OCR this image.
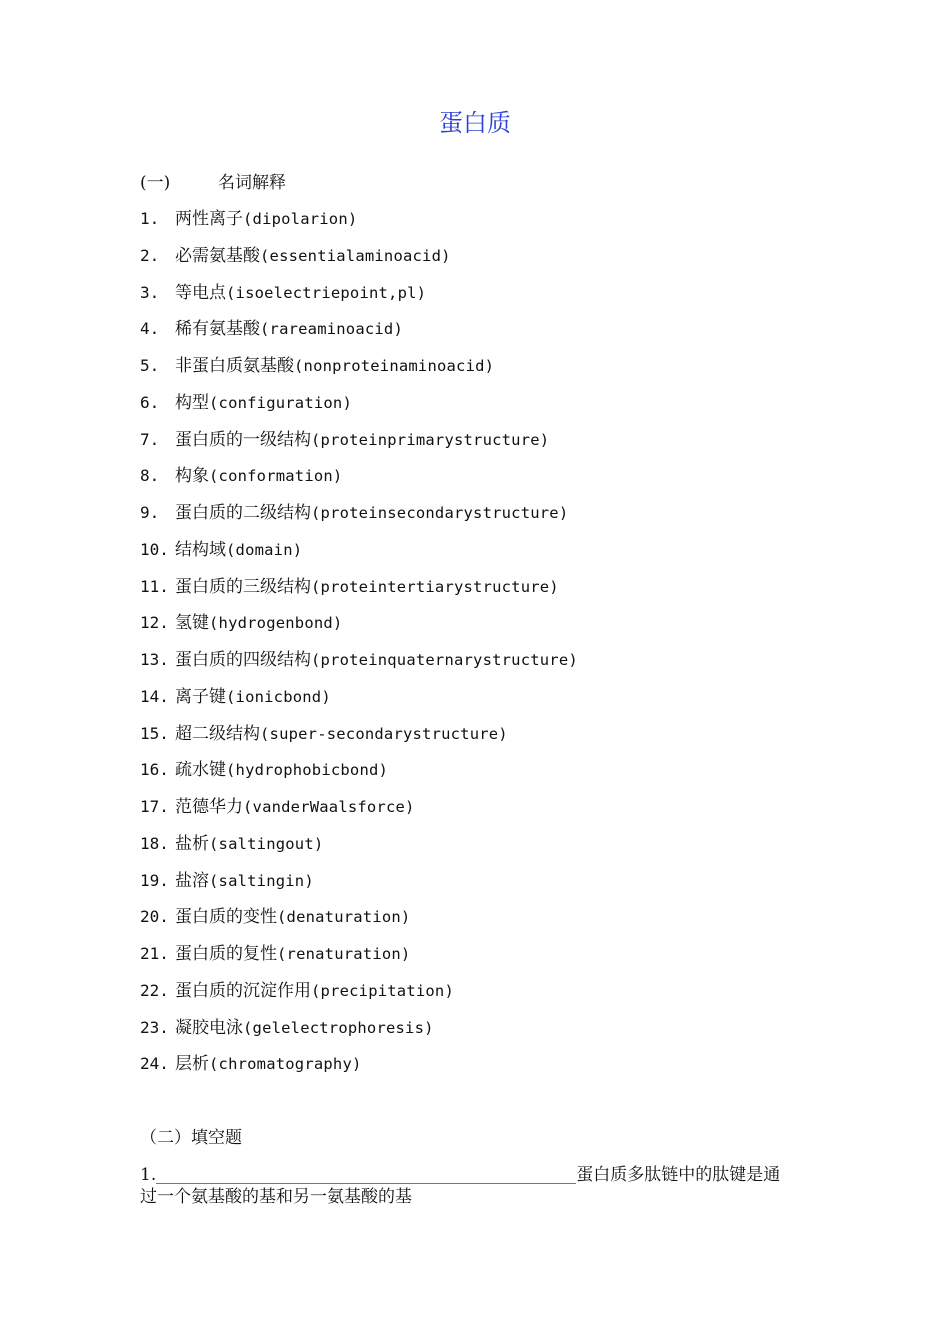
蛋白质
(一)	名词解释
1. 两性离子(dipolarion)
2. 必需氨基酸(essentialaminoacid)
3. 等电点(isoelectriepoint,pl)
4. 稀有氨基酸(rareaminoacid)
5. 非蛋白质氨基酸(nonproteinaminoacid)
6. 构型(configuration)
7. 蛋白质的一级结构(proteinprimarystructure)
8. 构象(conformation)
9. 蛋白质的二级结构(proteinsecondarystructure)
10. 结构域(domain)
11. 蛋白质的三级结构(proteintertiarystructure)
12. 氢键(hydrogenbond)
13. 蛋白质的四级结构(proteinquaternarystructure)
14. 离子键(ionicbond)
15. 超二级结构(super-secondarystructure)
16. 疏水键(hydrophobicbond)
17. 范德华力(vanderWaalsforce)
18. 盐析(saltingout)
19. 盐溶(saltingin)
20. 蛋白质的变性(denaturation)
21. 蛋白质的复性(renaturation)
22. 蛋白质的沉淀作用(precipitation)
23. 凝胶电泳(gelelectrophoresis)
24. 层析(chromatography)
（二）填空题
1.	蛋白质多肽链中的肽键是通
过一个氨基酸的基和另一氨基酸的基
